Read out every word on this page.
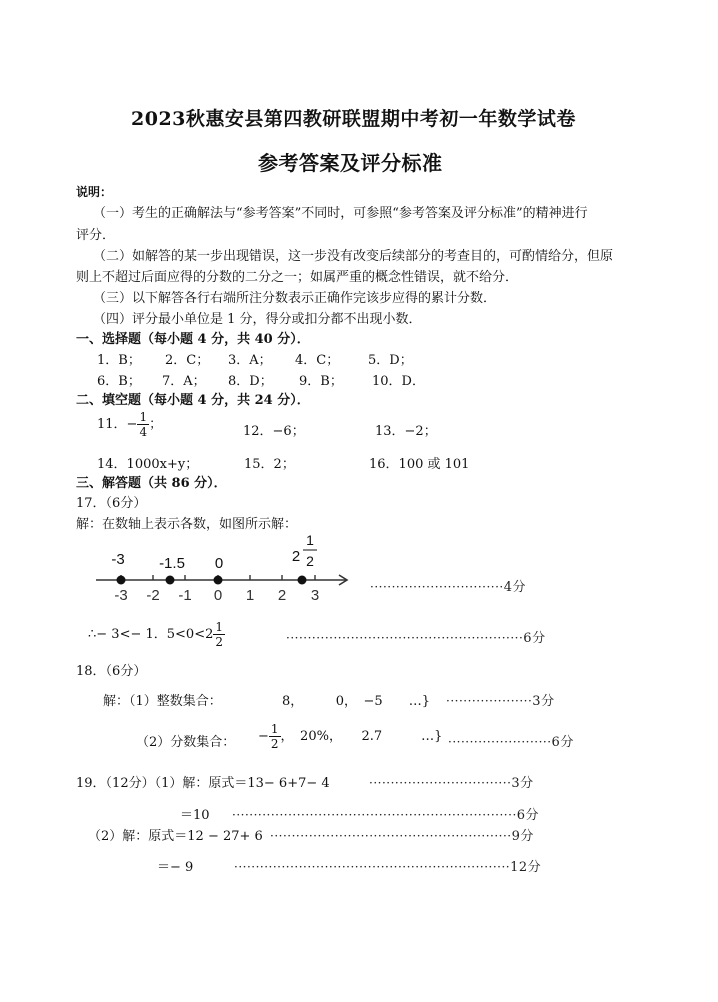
2023秋惠安县第四教研联盟期中考初一年数学试卷
参考答案及评分标准
说明：
（一）考生的正确解法与“参考答案”不同时，可参照“参考答案及评分标准”的精神进行
评分．
（二）如解答的某一步出现错误，这一步没有改变后续部分的考查目的，可酌情给分，但原
则上不超过后面应得的分数的二分之一；如属严重的概念性错误，就不给分．
（三）以下解答各行右端所注分数表示正确作完该步应得的累计分数．
（四）评分最小单位是 1 分，得分或扣分都不出现小数．
一、选择题（每小题 4 分，共 40 分）．
1．B； 2．C； 3．A； 4．C； 5．D；
6．B； 7．A； 8．D； 9．B； 10．D．
二、填空题（每小题 4 分，共 24 分）．
11．− $\frac{1}{4}$ ；	12．−6；	13．−2；
14．1000x+y；	15．2；	16．100 或 101
三、解答题（共 86 分）．
17．（6分）
解：在数轴上表示各数，如图所示解：
-3 -2 -1 0 1 2 3
-3 -1.5 0	2
1
2
·······························4分
∴− 3<− 1．$5<0<2 \frac{1}{2}$	·······················································6分
18．（6分）
解：（1）整数集合：	8，　　　0，　−5　　…} ····················3分
（2）分数集合： − $\frac{1}{2}$ ，　20%，　　2.7　　　…} ························6分
19．（12分）（1）解：原式＝13− 6+7− 4	·································3分
＝10 ··································································6分
（2）解：原式＝12 − 27+ 6 ························································9分
＝− 9	································································12分
